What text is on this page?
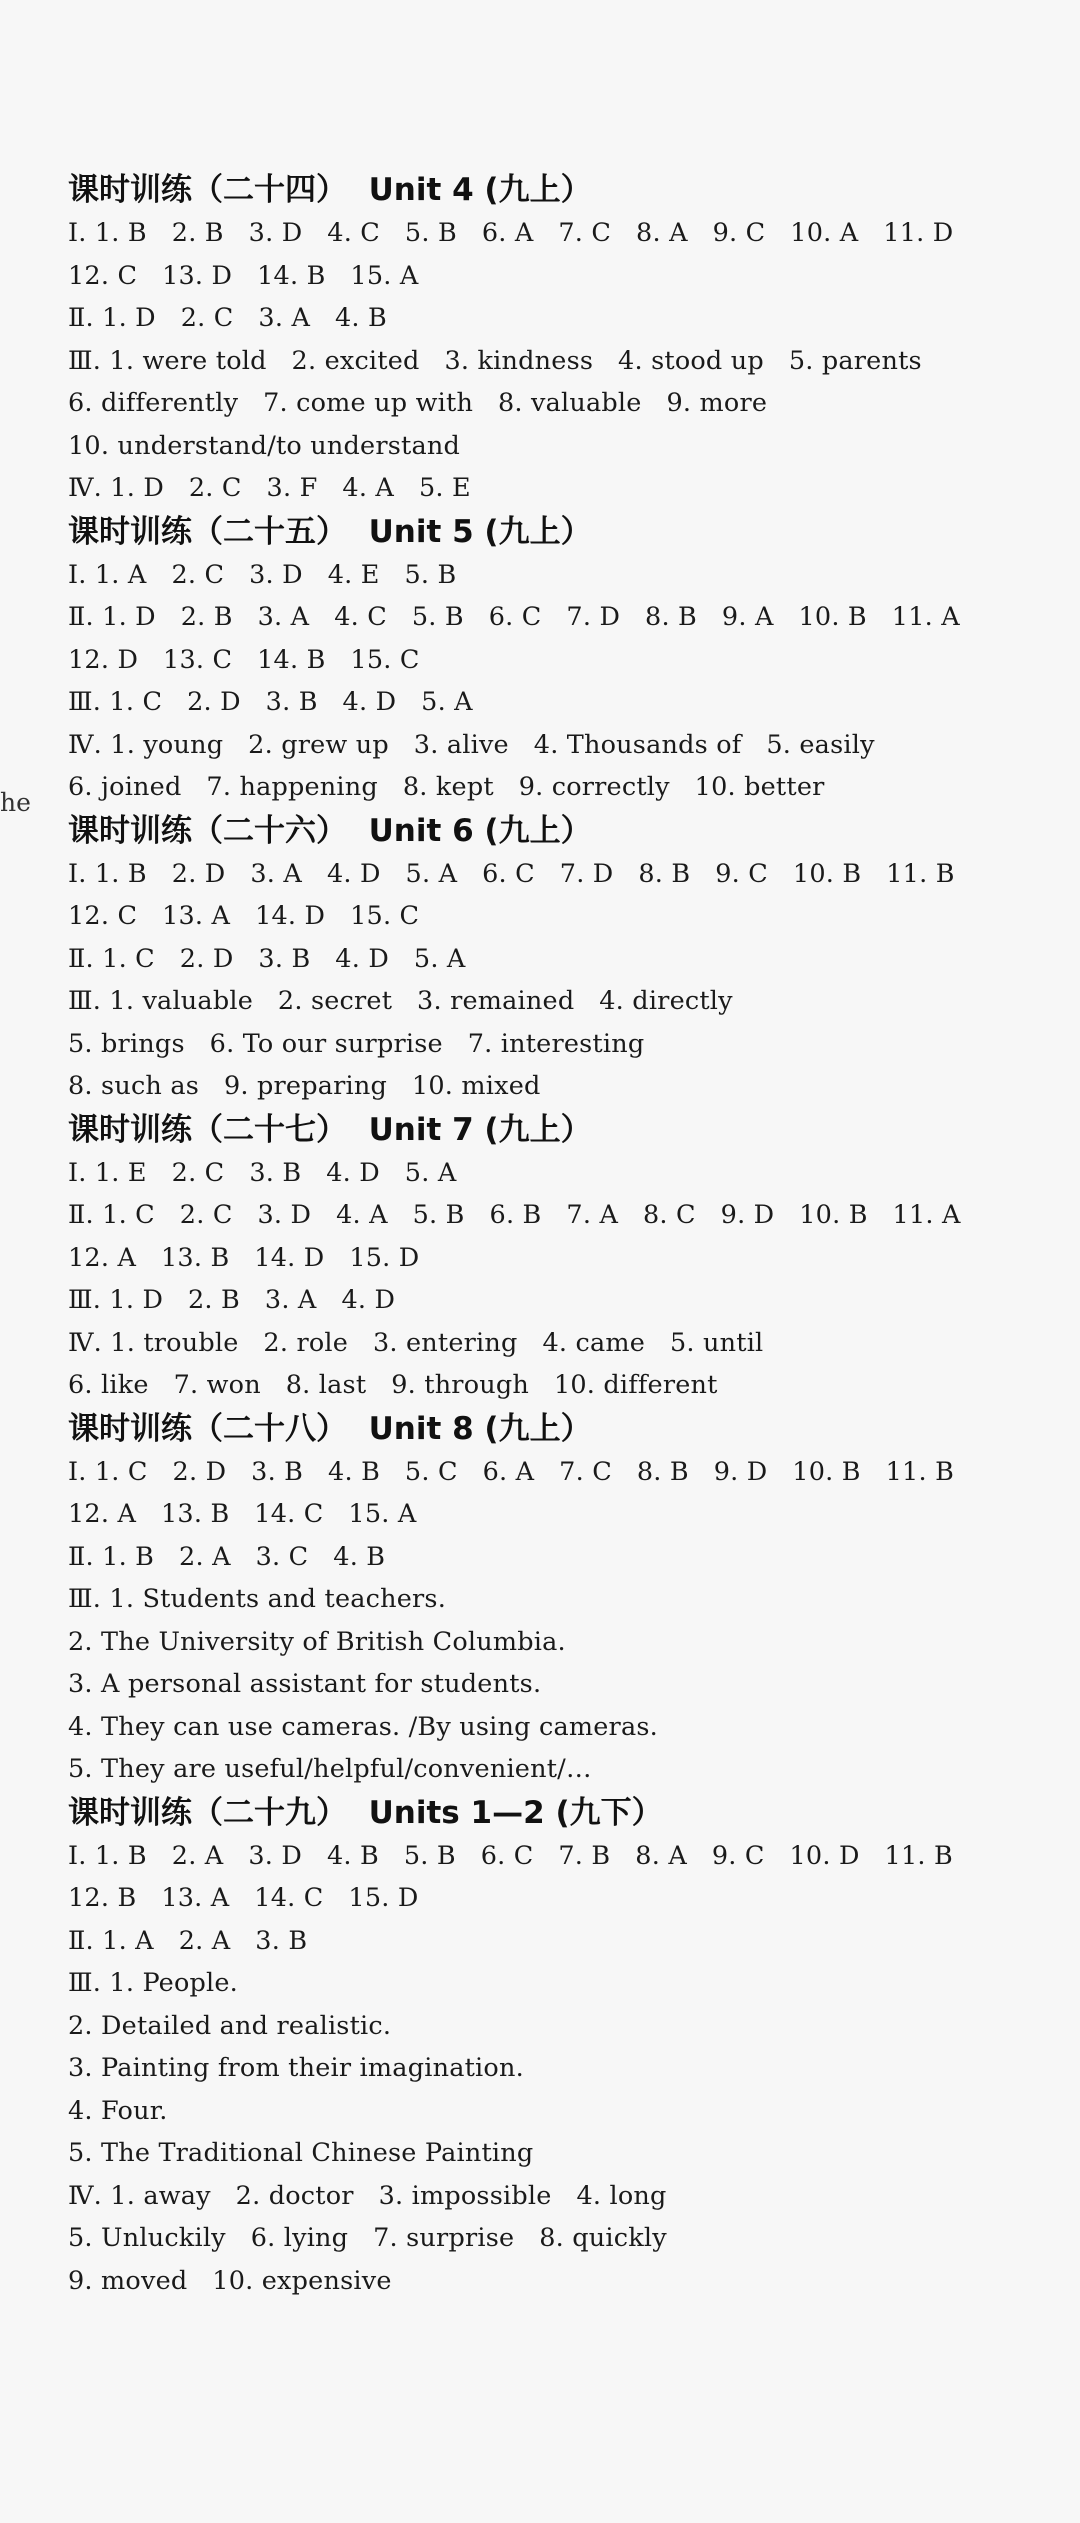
he
课时训练（二十四）  Unit 4 (九上）
Ⅰ. 1. B   2. B   3. D   4. C   5. B   6. A   7. C   8. A   9. C   10. A   11. D
12. C   13. D   14. B   15. A
Ⅱ. 1. D   2. C   3. A   4. B
Ⅲ. 1. were told   2. excited   3. kindness   4. stood up   5. parents
6. differently   7. come up with   8. valuable   9. more
10. understand/to understand
Ⅳ. 1. D   2. C   3. F   4. A   5. E
课时训练（二十五）  Unit 5 (九上）
Ⅰ. 1. A   2. C   3. D   4. E   5. B
Ⅱ. 1. D   2. B   3. A   4. C   5. B   6. C   7. D   8. B   9. A   10. B   11. A
12. D   13. C   14. B   15. C
Ⅲ. 1. C   2. D   3. B   4. D   5. A
Ⅳ. 1. young   2. grew up   3. alive   4. Thousands of   5. easily
6. joined   7. happening   8. kept   9. correctly   10. better
课时训练（二十六）  Unit 6 (九上）
Ⅰ. 1. B   2. D   3. A   4. D   5. A   6. C   7. D   8. B   9. C   10. B   11. B
12. C   13. A   14. D   15. C
Ⅱ. 1. C   2. D   3. B   4. D   5. A
Ⅲ. 1. valuable   2. secret   3. remained   4. directly
5. brings   6. To our surprise   7. interesting
8. such as   9. preparing   10. mixed
课时训练（二十七）  Unit 7 (九上）
Ⅰ. 1. E   2. C   3. B   4. D   5. A
Ⅱ. 1. C   2. C   3. D   4. A   5. B   6. B   7. A   8. C   9. D   10. B   11. A
12. A   13. B   14. D   15. D
Ⅲ. 1. D   2. B   3. A   4. D
Ⅳ. 1. trouble   2. role   3. entering   4. came   5. until
6. like   7. won   8. last   9. through   10. different
课时训练（二十八）  Unit 8 (九上）
Ⅰ. 1. C   2. D   3. B   4. B   5. C   6. A   7. C   8. B   9. D   10. B   11. B
12. A   13. B   14. C   15. A
Ⅱ. 1. B   2. A   3. C   4. B
Ⅲ. 1. Students and teachers.
2. The University of British Columbia.
3. A personal assistant for students.
4. They can use cameras. /By using cameras.
5. They are useful/helpful/convenient/…
课时训练（二十九）  Units 1—2 (九下）
Ⅰ. 1. B   2. A   3. D   4. B   5. B   6. C   7. B   8. A   9. C   10. D   11. B
12. B   13. A   14. C   15. D
Ⅱ. 1. A   2. A   3. B
Ⅲ. 1. People.
2. Detailed and realistic.
3. Painting from their imagination.
4. Four.
5. The Traditional Chinese Painting
Ⅳ. 1. away   2. doctor   3. impossible   4. long
5. Unluckily   6. lying   7. surprise   8. quickly
9. moved   10. expensive
